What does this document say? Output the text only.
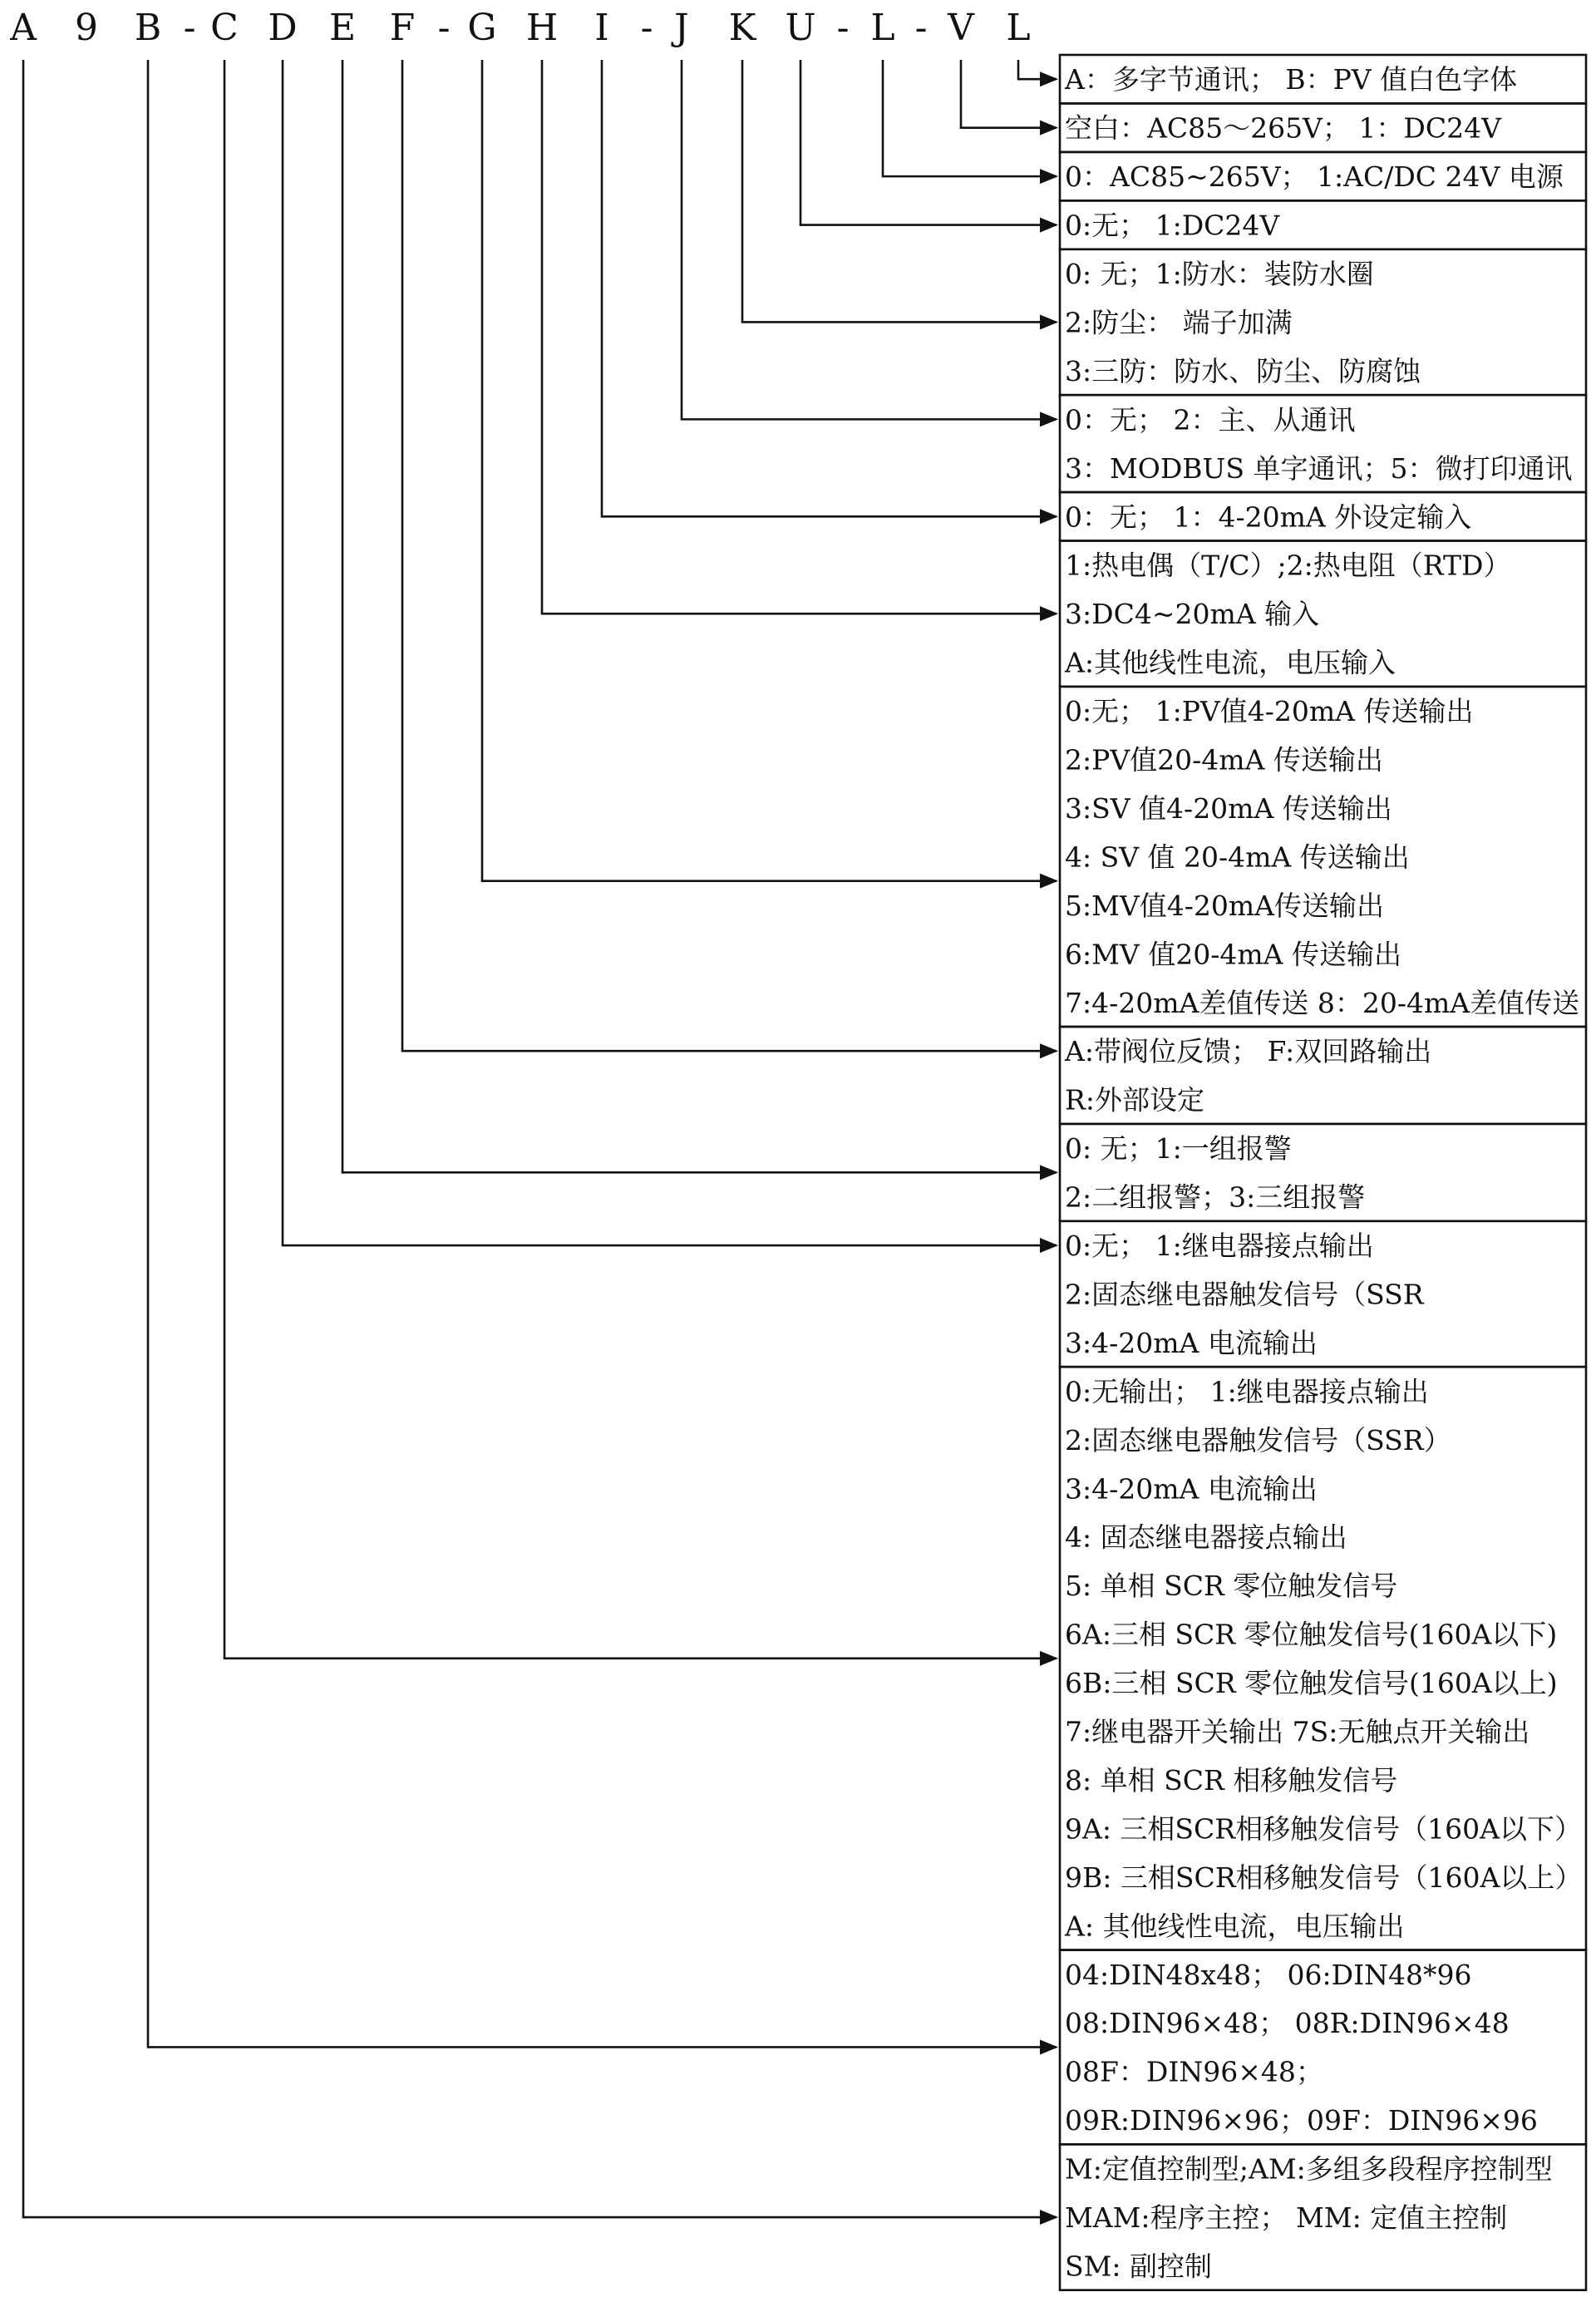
A 9 B - C D E F - G H I - J K U - L - V L
A：多字节通讯； B：PV 值白色字体
空白：AC85～265V； 1：DC24V
0：AC85~265V； 1:AC/DC 24V 电源
0:无； 1:DC24V
0: 无；1:防水：装防水圈
2:防尘： 端子加满
3:三防：防水、防尘、防腐蚀
0：无； 2：主、从通讯
3：MODBUS 单字通讯；5：微打印通讯
0：无； 1：4-20mA 外设定输入
1:热电偶（T/C）;2:热电阻（RTD）
3:DC4~20mA 输入
A:其他线性电流，电压输入
0:无； 1:PV值4-20mA 传送输出
2:PV值20-4mA 传送输出
3:SV 值4-20mA 传送输出
4: SV 值 20-4mA 传送输出
5:MV值4-20mA传送输出
6:MV 值20-4mA 传送输出
7:4-20mA差值传送 8：20-4mA差值传送
A:带阀位反馈； F:双回路输出
R:外部设定
0: 无；1:一组报警
2:二组报警；3:三组报警
0:无； 1:继电器接点输出
2:固态继电器触发信号（SSR
3:4-20mA 电流输出
0:无输出； 1:继电器接点输出
2:固态继电器触发信号（SSR）
3:4-20mA 电流输出
4: 固态继电器接点输出
5: 单相 SCR 零位触发信号
6A:三相 SCR 零位触发信号(160A以下)
6B:三相 SCR 零位触发信号(160A以上)
7:继电器开关输出 7S:无触点开关输出
8: 单相 SCR 相移触发信号
9A: 三相SCR相移触发信号（160A以下）
9B: 三相SCR相移触发信号（160A以上）
A: 其他线性电流，电压输出
04:DIN48x48； 06:DIN48*96
08:DIN96×48； 08R:DIN96×48
08F：DIN96×48；
09R:DIN96×96；09F：DIN96×96
M:定值控制型;AM:多组多段程序控制型
MAM:程序主控； MM: 定值主控制
SM: 副控制
